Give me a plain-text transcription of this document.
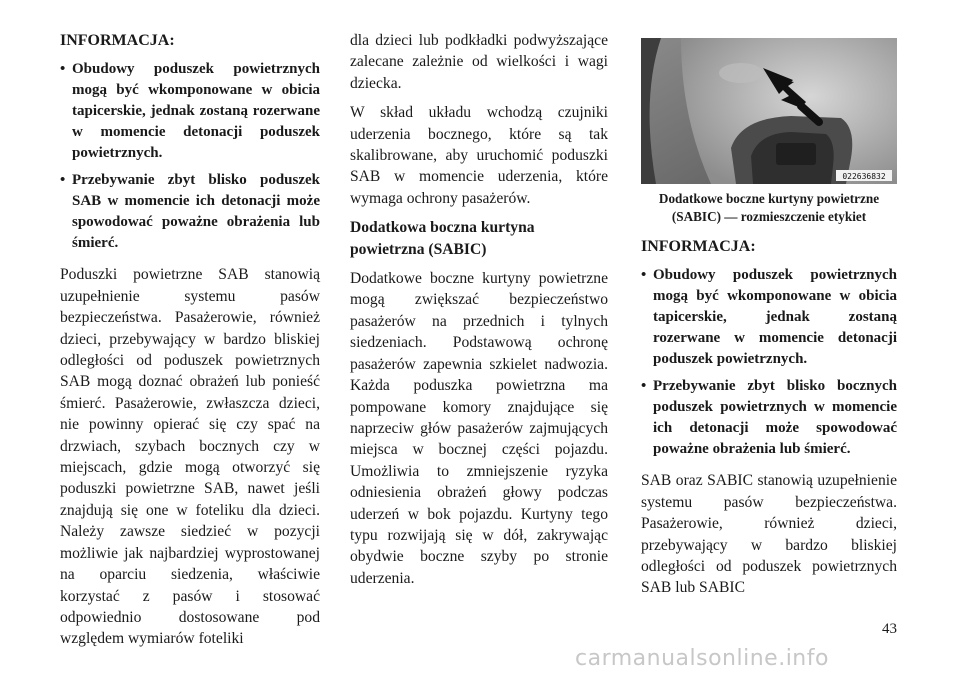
INFORMACJA:
• Obudowy poduszek powietrznych mogą być wkomponowane w obicia tapicerskie, jednak zostaną rozerwane w momencie detonacji poduszek powietrznych.
• Przebywanie zbyt blisko poduszek SAB w momencie ich detonacji może spowodować poważne obrażenia lub śmierć.

Poduszki powietrzne SAB stanowią uzupełnienie systemu pasów bezpieczeństwa. Pasażerowie, również dzieci, przebywający w bardzo bliskiej odległości od poduszek powietrznych SAB mogą doznać obrażeń lub ponieść śmierć. Pasażerowie, zwłaszcza dzieci, nie powinny opierać się czy spać na drzwiach, szybach bocznych czy w miejscach, gdzie mogą otworzyć się poduszki powietrzne SAB, nawet jeśli znajdują się one w foteliku dla dzieci. Należy zawsze siedzieć w pozycji możliwie jak najbardziej wyprostowanej na oparciu siedzenia, właściwie korzystać z pasów i stosować odpowiednio dostosowane pod względem wymiarów foteliki

dla dzieci lub podkładki podwyższające zalecane zależnie od wielkości i wagi dziecka.

W skład układu wchodzą czujniki uderzenia bocznego, które są tak skalibrowane, aby uruchomić poduszki SAB w momencie uderzenia, które wymaga ochrony pasażerów.

Dodatkowa boczna kurtyna powietrzna (SABIC)

Dodatkowe boczne kurtyny powietrzne mogą zwiększać bezpieczeństwo pasażerów na przednich i tylnych siedzeniach. Podstawową ochronę pasażerów zapewnia szkielet nadwozia. Każda poduszka powietrzna ma pompowane komory znajdujące się naprzeciw głów pasażerów zajmujących miejsca w bocznej części pojazdu. Umożliwia to zmniejszenie ryzyka odniesienia obrażeń głowy podczas uderzeń w bok pojazdu. Kurtyny tego typu rozwijają się w dół, zakrywając obydwie boczne szyby po stronie uderzenia.

022636832
Dodatkowe boczne kurtyny powietrzne (SABIC) — rozmieszczenie etykiet
INFORMACJA:
• Obudowy poduszek powietrznych mogą być wkomponowane w obicia tapicerskie, jednak zostaną rozerwane w momencie detonacji poduszek powietrznych.
• Przebywanie zbyt blisko bocznych poduszek powietrznych w momencie ich detonacji może spowodować poważne obrażenia lub śmierć.

SAB oraz SABIC stanowią uzupełnienie systemu pasów bezpieczeństwa. Pasażerowie, również dzieci, przebywający w bardzo bliskiej odległości od poduszek powietrznych SAB lub SABIC

43
carmanualsonline.info
